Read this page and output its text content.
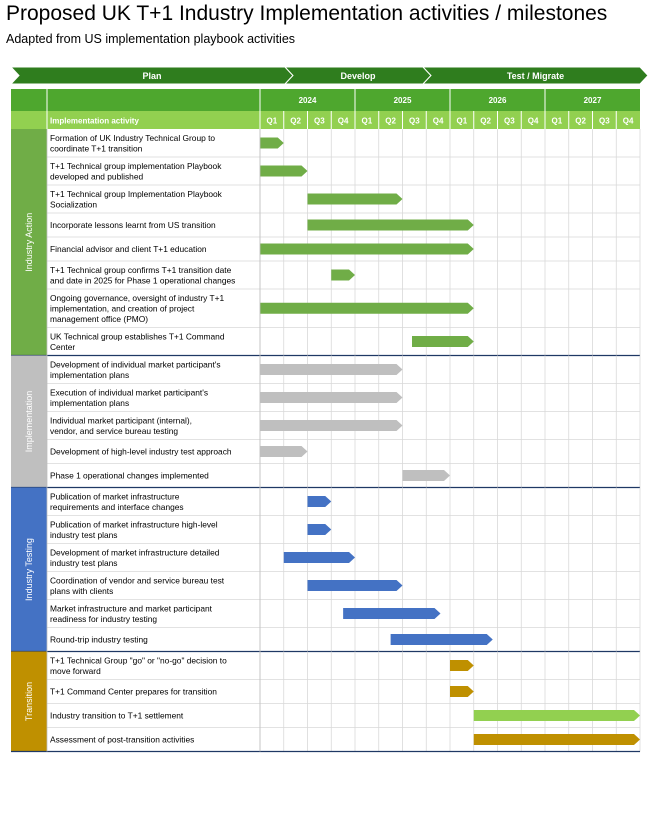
Proposed UK T+1 Industry Implementation activities / milestones
Adapted from US implementation playbook activities
Plan	Develop	Test / Migrate
Implementation activity
2024	2025	2026	2027
Q1 Q2 Q3 Q4 Q1 Q2 Q3 Q4 Q1 Q2 Q3 Q4 Q1 Q2 Q3 Q4
Formation of UK Industry Technical Group to
coordinate T+1 transition
T+1 Technical group implementation Playbook
developed and published
T+1 Technical group Implementation Playbook
Socialization
Incorporate lessons learnt from US transition
Financial advisor and client T+1 education
T+1 Technical group confirms T+1 transition date
and date in 2025 for Phase 1 operational changes
Ongoing governance, oversight of industry T+1
implementation, and creation of project
management office (PMO)
UK Technical group establishes T+1 Command
Center
Industry Action
Development of individual market participant's
implementation plans
Execution of individual market participant's
implementation plans
Individual market participant (internal),
vendor, and service bureau testing
Development of high-level industry test approach
Phase 1 operational changes implemented
Implementation
Publication of market infrastructure
requirements and interface changes
Publication of market infrastructure high-level
industry test plans
Development of market infrastructure detailed
industry test plans
Coordination of vendor and service bureau test
plans with clients
Market infrastructure and market participant
readiness for industry testing
Round-trip industry testing
Industry Testing
T+1 Technical Group "go" or "no-go" decision to
move forward
T+1 Command Center prepares for transition
Industry transition to T+1 settlement
Assessment of post-transition activities
Transition
